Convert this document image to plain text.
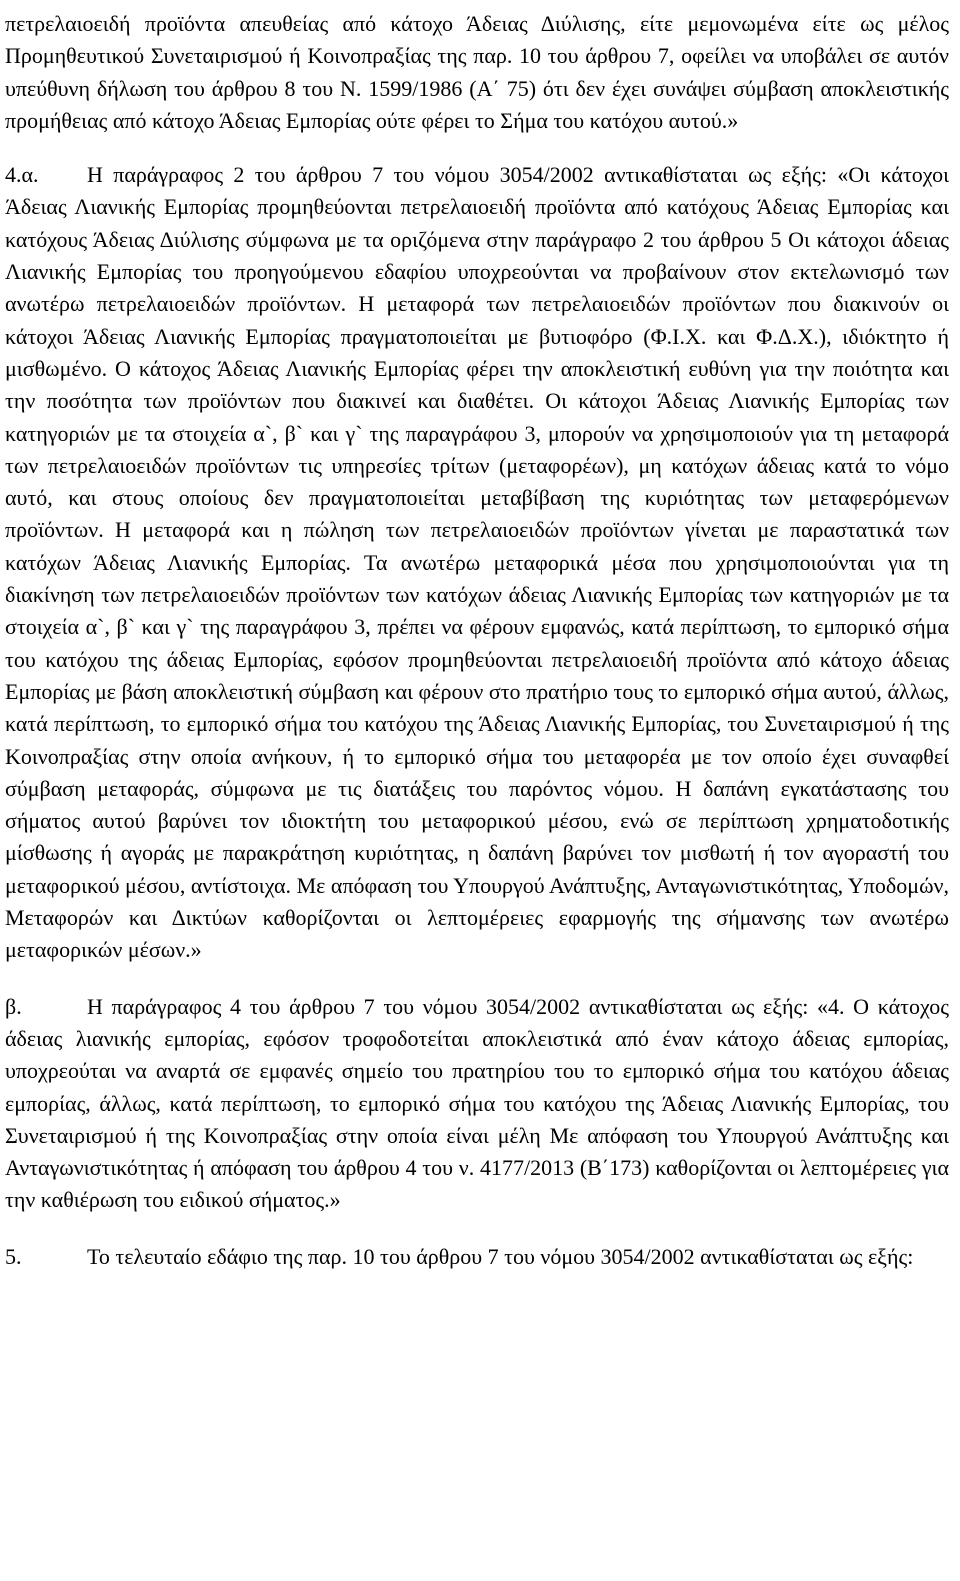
πετρελαιοειδή προϊόντα απευθείας από κάτοχο Άδειας Διύλισης, είτε μεμονωμένα είτε ως μέλος Προμηθευτικού Συνεταιρισμού ή Κοινοπραξίας της παρ. 10 του άρθρου 7, οφείλει να υποβάλει σε αυτόν υπεύθυνη δήλωση του άρθρου 8 του Ν. 1599/1986 (Α΄ 75) ότι δεν έχει συνάψει σύμβαση αποκλειστικής προμήθειας από κάτοχο Άδειας Εμπορίας ούτε φέρει το Σήμα του κατόχου αυτού.»

4.α. Η παράγραφος 2 του άρθρου 7 του νόμου 3054/2002 αντικαθίσταται ως εξής: «Οι κάτοχοι Άδειας Λιανικής Εμπορίας προμηθεύονται πετρελαιοειδή προϊόντα από κατόχους Άδειας Εμπορίας και κατόχους Άδειας Διύλισης σύμφωνα με τα οριζόμενα στην παράγραφο 2 του άρθρου 5 Οι κάτοχοι άδειας Λιανικής Εμπορίας του προηγούμενου εδαφίου υποχρεούνται να προβαίνουν στον εκτελωνισμό των ανωτέρω πετρελαιοειδών προϊόντων. Η μεταφορά των πετρελαιοειδών προϊόντων που διακινούν οι κάτοχοι Άδειας Λιανικής Εμπορίας πραγματοποιείται με βυτιοφόρο (Φ.Ι.Χ. και Φ.Δ.Χ.), ιδιόκτητο ή μισθωμένο. Ο κάτοχος Άδειας Λιανικής Εμπορίας φέρει την αποκλειστική ευθύνη για την ποιότητα και την ποσότητα των προϊόντων που διακινεί και διαθέτει. Οι κάτοχοι Άδειας Λιανικής Εμπορίας των κατηγοριών με τα στοιχεία α`, β` και γ` της παραγράφου 3, μπορούν να χρησιμοποιούν για τη μεταφορά των πετρελαιοειδών προϊόντων τις υπηρεσίες τρίτων (μεταφορέων), μη κατόχων άδειας κατά το νόμο αυτό, και στους οποίους δεν πραγματοποιείται μεταβίβαση της κυριότητας των μεταφερόμενων προϊόντων. Η μεταφορά και η πώληση των πετρελαιοειδών προϊόντων γίνεται με παραστατικά των κατόχων Άδειας Λιανικής Εμπορίας. Τα ανωτέρω μεταφορικά μέσα που χρησιμοποιούνται για τη διακίνηση των πετρελαιοειδών προϊόντων των κατόχων άδειας Λιανικής Εμπορίας των κατηγοριών με τα στοιχεία α`, β` και γ` της παραγράφου 3, πρέπει να φέρουν εμφανώς, κατά περίπτωση, το εμπορικό σήμα του κατόχου της άδειας Εμπορίας, εφόσον προμηθεύονται πετρελαιοειδή προϊόντα από κάτοχο άδειας Εμπορίας με βάση αποκλειστική σύμβαση και φέρουν στο πρατήριο τους το εμπορικό σήμα αυτού, άλλως, κατά περίπτωση, το εμπορικό σήμα του κατόχου της Άδειας Λιανικής Εμπορίας, του Συνεταιρισμού ή της Κοινοπραξίας στην οποία ανήκουν, ή το εμπορικό σήμα του μεταφορέα με τον οποίο έχει συναφθεί σύμβαση μεταφοράς, σύμφωνα με τις διατάξεις του παρόντος νόμου. Η δαπάνη εγκατάστασης του σήματος αυτού βαρύνει τον ιδιοκτήτη του μεταφορικού μέσου, ενώ σε περίπτωση χρηματοδοτικής μίσθωσης ή αγοράς με παρακράτηση κυριότητας, η δαπάνη βαρύνει τον μισθωτή ή τον αγοραστή του μεταφορικού μέσου, αντίστοιχα. Με απόφαση του Υπουργού Ανάπτυξης, Ανταγωνιστικότητας, Υποδομών, Μεταφορών και Δικτύων καθορίζονται οι λεπτομέρειες εφαρμογής της σήμανσης των ανωτέρω μεταφορικών μέσων.»

β.	Η παράγραφος 4 του άρθρου 7 του νόμου 3054/2002 αντικαθίσταται ως εξής: «4. Ο κάτοχος άδειας λιανικής εμπορίας, εφόσον τροφοδοτείται αποκλειστικά από έναν κάτοχο άδειας εμπορίας, υποχρεούται να αναρτά σε εμφανές σημείο του πρατηρίου του το εμπορικό σήμα του κατόχου άδειας εμπορίας, άλλως, κατά περίπτωση, το εμπορικό σήμα του κατόχου της Άδειας Λιανικής Εμπορίας, του Συνεταιρισμού ή της Κοινοπραξίας στην οποία είναι μέλη Με απόφαση του Υπουργού Ανάπτυξης και Ανταγωνιστικότητας ή απόφαση του άρθρου 4 του ν. 4177/2013 (Β΄173) καθορίζονται οι λεπτομέρειες για την καθιέρωση του ειδικού σήματος.»

5.	Το τελευταίο εδάφιο της παρ. 10 του άρθρου 7 του νόμου 3054/2002 αντικαθίσταται ως εξής:
